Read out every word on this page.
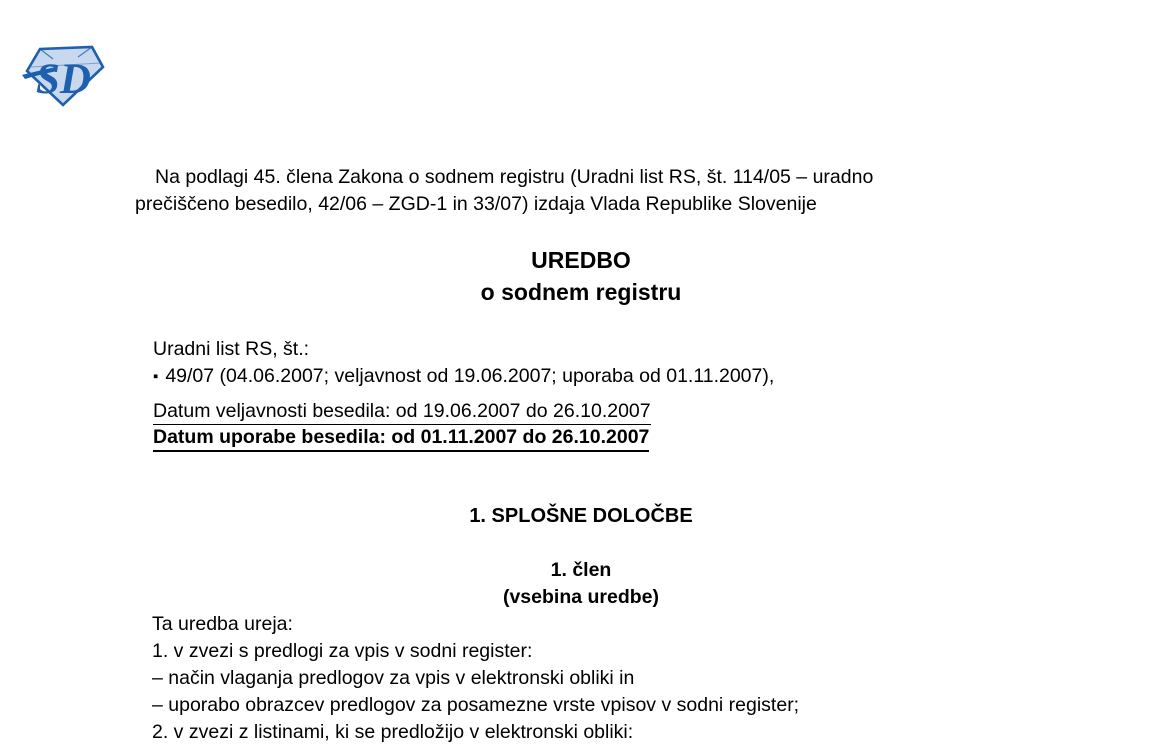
SD
Na podlagi 45. člena Zakona o sodnem registru (Uradni list RS, št. 114/05 – uradno
prečiščeno besedilo, 42/06 – ZGD-1 in 33/07) izdaja Vlada Republike Slovenije
UREDBO
o sodnem registru
Uradni list RS, št.:
▪ 49/07 (04.06.2007; veljavnost od 19.06.2007; uporaba od 01.11.2007),
Datum veljavnosti besedila: od 19.06.2007 do 26.10.2007
Datum uporabe besedila: od 01.11.2007 do 26.10.2007
1. SPLOŠNE DOLOČBE
1. člen
(vsebina uredbe)
Ta uredba ureja:
1. v zvezi s predlogi za vpis v sodni register:
– način vlaganja predlogov za vpis v elektronski obliki in
– uporabo obrazcev predlogov za posamezne vrste vpisov v sodni register;
2. v zvezi z listinami, ki se predložijo v elektronski obliki:
